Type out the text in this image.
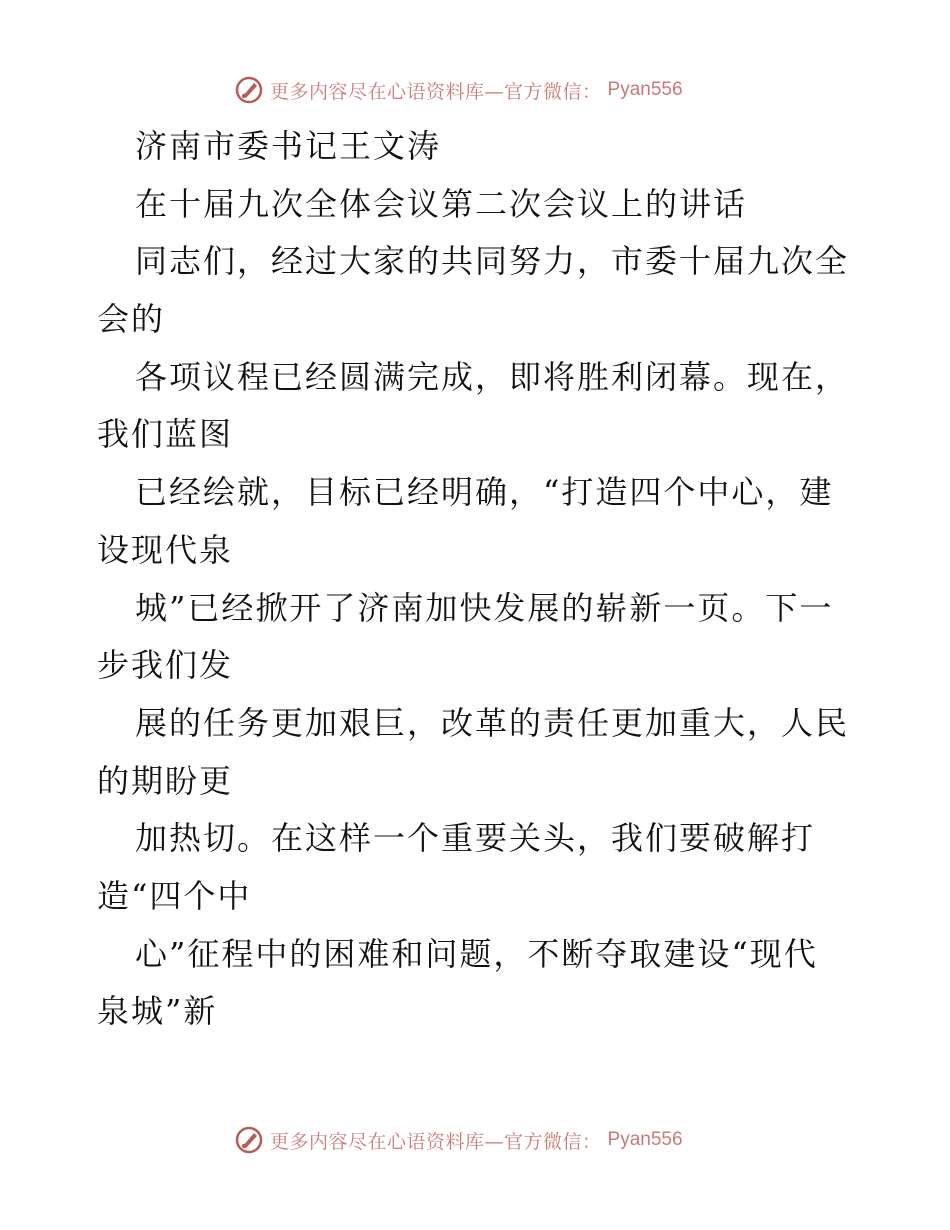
更多内容尽在心语资料库—官方微信： Pyan556
济南市委书记王文涛
在十届九次全体会议第二次会议上的讲话
同志们，经过大家的共同努力，市委十届九次全
会的
各项议程已经圆满完成，即将胜利闭幕。现在，
我们蓝图
已经绘就，目标已经明确，“打造四个中心，建
设现代泉
城”已经掀开了济南加快发展的崭新一页。下一
步我们发
展的任务更加艰巨，改革的责任更加重大，人民
的期盼更
加热切。在这样一个重要关头，我们要破解打
造“四个中
心”征程中的困难和问题，不断夺取建设“现代
泉城”新
更多内容尽在心语资料库—官方微信： Pyan556
